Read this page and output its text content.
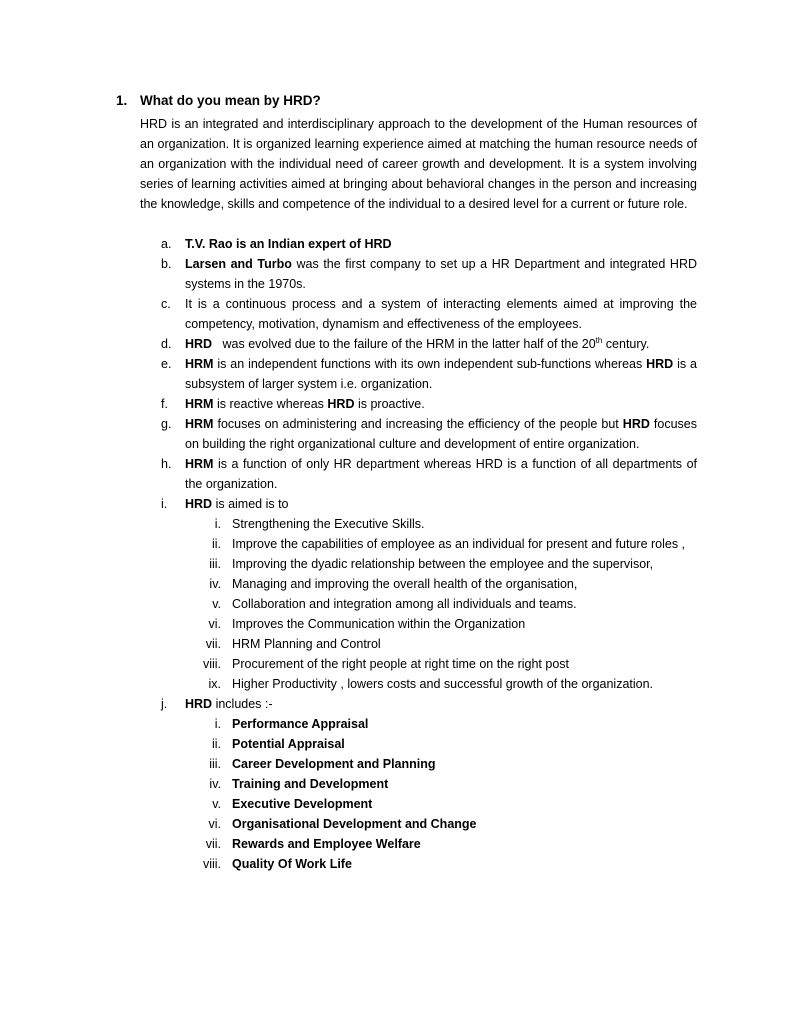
1. What do you mean by HRD?

HRD is an integrated and interdisciplinary approach to the development of the Human resources of an organization. It is organized learning experience aimed at matching the human resource needs of an organization with the individual need of career growth and development. It is a system involving series of learning activities aimed at bringing about behavioral changes in the person and increasing the knowledge, skills and competence of the individual to a desired level for a current or future role.

a. T.V. Rao is an Indian expert of HRD
b. Larsen and Turbo was the first company to set up a HR Department and integrated HRD systems in the 1970s.
c. It is a continuous process and a system of interacting elements aimed at improving the competency, motivation, dynamism and effectiveness of the employees.
d. HRD   was evolved due to the failure of the HRM in the latter half of the 20th century.
e. HRM is an independent functions with its own independent sub-functions whereas HRD is a subsystem of larger system i.e. organization.
f. HRM is reactive whereas HRD is proactive.
g. HRM focuses on administering and increasing the efficiency of the people but HRD focuses on building the right organizational culture and development of entire organization.
h. HRM is a function of only HR department whereas HRD is a function of all departments of the organization.
i. HRD is aimed is to
i. Strengthening the Executive Skills.
ii. Improve the capabilities of employee as an individual for present and future roles ,
iii. Improving the dyadic relationship between the employee and the supervisor,
iv. Managing and improving the overall health of the organisation,
v. Collaboration and integration among all individuals and teams.
vi. Improves the Communication within the Organization
vii. HRM Planning and Control
viii. Procurement of the right people at right time on the right post
ix. Higher Productivity , lowers costs and successful growth of the organization.
j. HRD includes :-
i. Performance Appraisal
ii. Potential Appraisal
iii. Career Development and Planning
iv. Training and Development
v. Executive Development
vi. Organisational Development and Change
vii. Rewards and Employee Welfare
viii. Quality Of Work Life
